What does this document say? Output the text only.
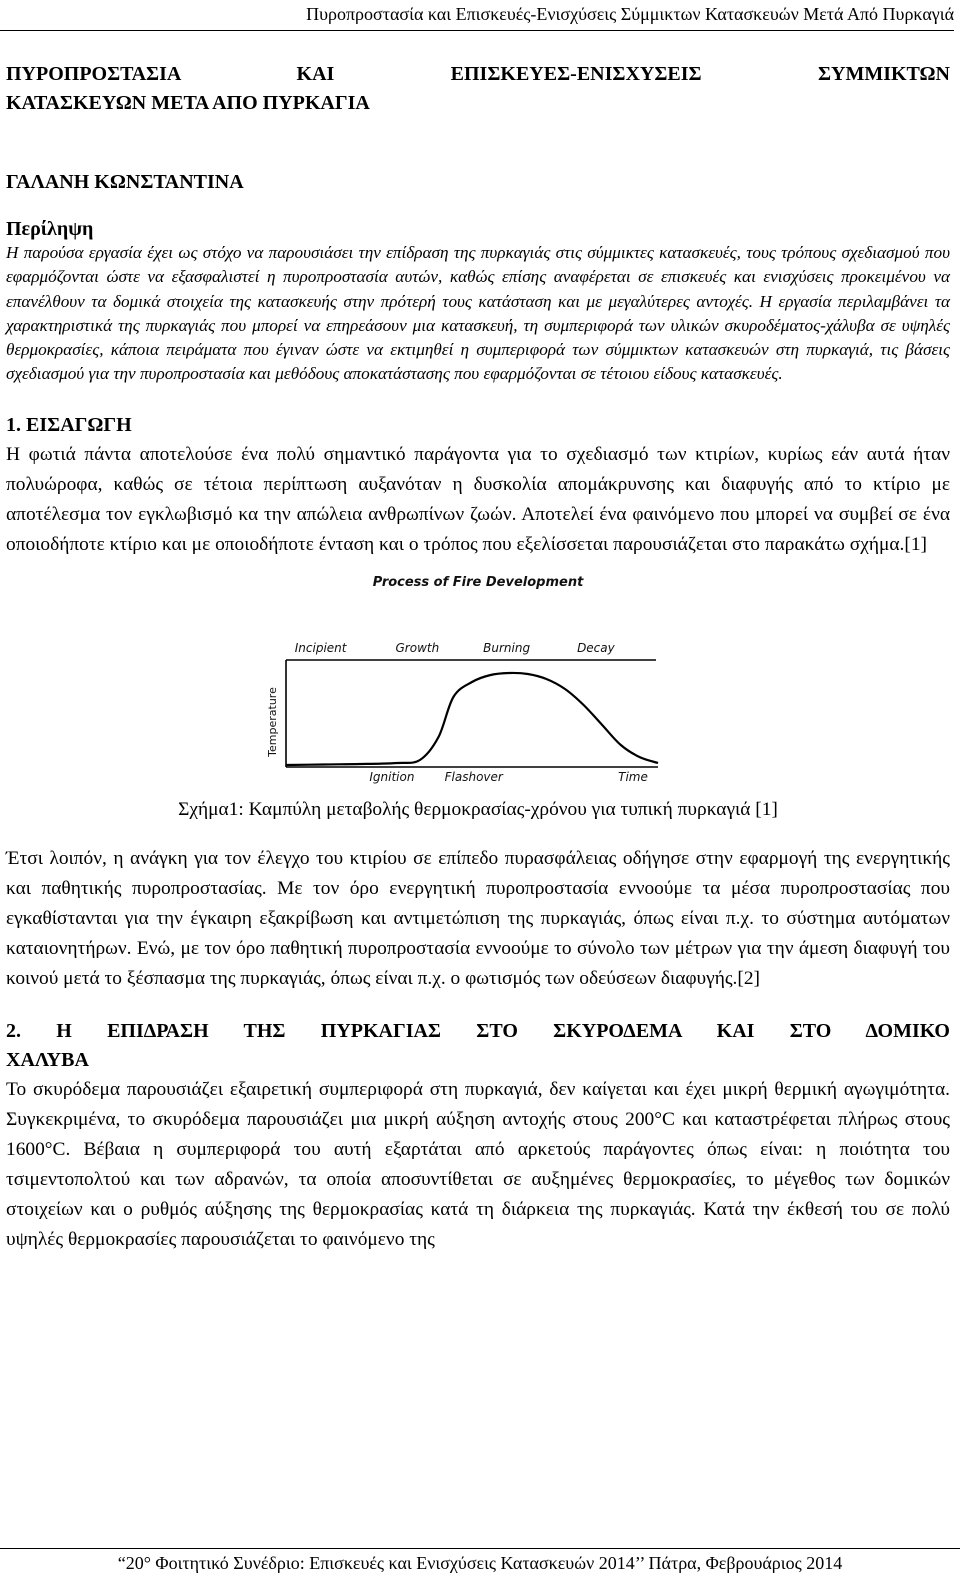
Πυροπροστασία και Επισκευές-Ενισχύσεις Σύμμικτων Κατασκευών Μετά Από Πυρκαγιά
ΠΥΡΟΠΡΟΣΤΑΣΙΑ ΚΑΙ ΕΠΙΣΚΕΥΕΣ-ΕΝΙΣΧΥΣΕΙΣ ΣΥΜΜΙΚΤΩΝ
ΚΑΤΑΣΚΕΥΩΝ ΜΕΤΑ ΑΠΟ ΠΥΡΚΑΓΙΑ
ΓΑΛΑΝΗ ΚΩΝΣΤΑΝΤΙΝΑ
Περίληψη

Η παρούσα εργασία έχει ως στόχο να παρουσιάσει την επίδραση της πυρκαγιάς στις σύμμικτες κατασκευές, τους τρόπους σχεδιασμού που εφαρμόζονται ώστε να εξασφαλιστεί η πυροπροστασία αυτών, καθώς επίσης αναφέρεται σε επισκευές και ενισχύσεις προκειμένου να επανέλθουν τα δομικά στοιχεία της κατασκευής στην πρότερή τους κατάσταση και με μεγαλύτερες αντοχές. Η εργασία περιλαμβάνει τα χαρακτηριστικά της πυρκαγιάς που μπορεί να επηρεάσουν μια κατασκευή, τη συμπεριφορά των υλικών σκυροδέματος-χάλυβα σε υψηλές θερμοκρασίες, κάποια πειράματα που έγιναν ώστε να εκτιμηθεί η συμπεριφορά των σύμμικτων κατασκευών στη πυρκαγιά, τις βάσεις σχεδιασμού για την πυροπροστασία και μεθόδους αποκατάστασης που εφαρμόζονται σε τέτοιου είδους κατασκευές.

1. ΕΙΣΑΓΩΓΗ

Η φωτιά πάντα αποτελούσε ένα πολύ σημαντικό παράγοντα για το σχεδιασμό των κτιρίων, κυρίως εάν αυτά ήταν πολυώροφα, καθώς σε τέτοια περίπτωση αυξανόταν η δυσκολία απομάκρυνσης και διαφυγής από το κτίριο με αποτέλεσμα τον εγκλωβισμό κα την απώλεια ανθρωπίνων ζωών. Αποτελεί ένα φαινόμενο που μπορεί να συμβεί σε ένα οποιοδήποτε κτίριο και με οποιοδήποτε ένταση και ο τρόπος που εξελίσσεται παρουσιάζεται στο παρακάτω σχήμα.[1]

Process of Fire Development
Incipient	Growth	Burning	Decay
Temperature
Time
Ignition	Flashover
Σχήμα1: Καμπύλη μεταβολής θερμοκρασίας-χρόνου για τυπική πυρκαγιά [1]

Έτσι λοιπόν, η ανάγκη για τον έλεγχο του κτιρίου σε επίπεδο πυρασφάλειας οδήγησε στην εφαρμογή της ενεργητικής και παθητικής πυροπροστασίας. Με τον όρο ενεργητική πυροπροστασία εννοούμε τα μέσα πυροπροστασίας που εγκαθίστανται για την έγκαιρη εξακρίβωση και αντιμετώπιση της πυρκαγιάς, όπως είναι π.χ. το σύστημα αυτόματων καταιονητήρων. Ενώ, με τον όρο παθητική πυροπροστασία εννοούμε το σύνολο των μέτρων για την άμεση διαφυγή του κοινού μετά το ξέσπασμα της πυρκαγιάς, όπως είναι π.χ. ο φωτισμός των οδεύσεων διαφυγής.[2]

2. Η ΕΠΙΔΡΑΣΗ ΤΗΣ ΠΥΡΚΑΓΙΑΣ ΣΤΟ ΣΚΥΡΟΔΕΜΑ ΚΑΙ ΣΤΟ ΔΟΜΙΚΟ
ΧΑΛΥΒΑ

Το σκυρόδεμα παρουσιάζει εξαιρετική συμπεριφορά στη πυρκαγιά, δεν καίγεται και έχει μικρή θερμική αγωγιμότητα. Συγκεκριμένα, το σκυρόδεμα παρουσιάζει μια μικρή αύξηση αντοχής στους 200°C και καταστρέφεται πλήρως στους 1600°C. Βέβαια η συμπεριφορά του αυτή εξαρτάται από αρκετούς παράγοντες όπως είναι: η ποιότητα του τσιμεντοπολτού και των αδρανών, τα οποία αποσυντίθεται σε αυξημένες θερμοκρασίες, το μέγεθος των δομικών στοιχείων και ο ρυθμός αύξησης της θερμοκρασίας κατά τη διάρκεια της πυρκαγιάς. Κατά την έκθεσή του σε πολύ υψηλές θερμοκρασίες παρουσιάζεται το φαινόμενο της

“20° Φοιτητικό Συνέδριο: Επισκευές και Ενισχύσεις Κατασκευών 2014’’ Πάτρα, Φεβρουάριος 2014
